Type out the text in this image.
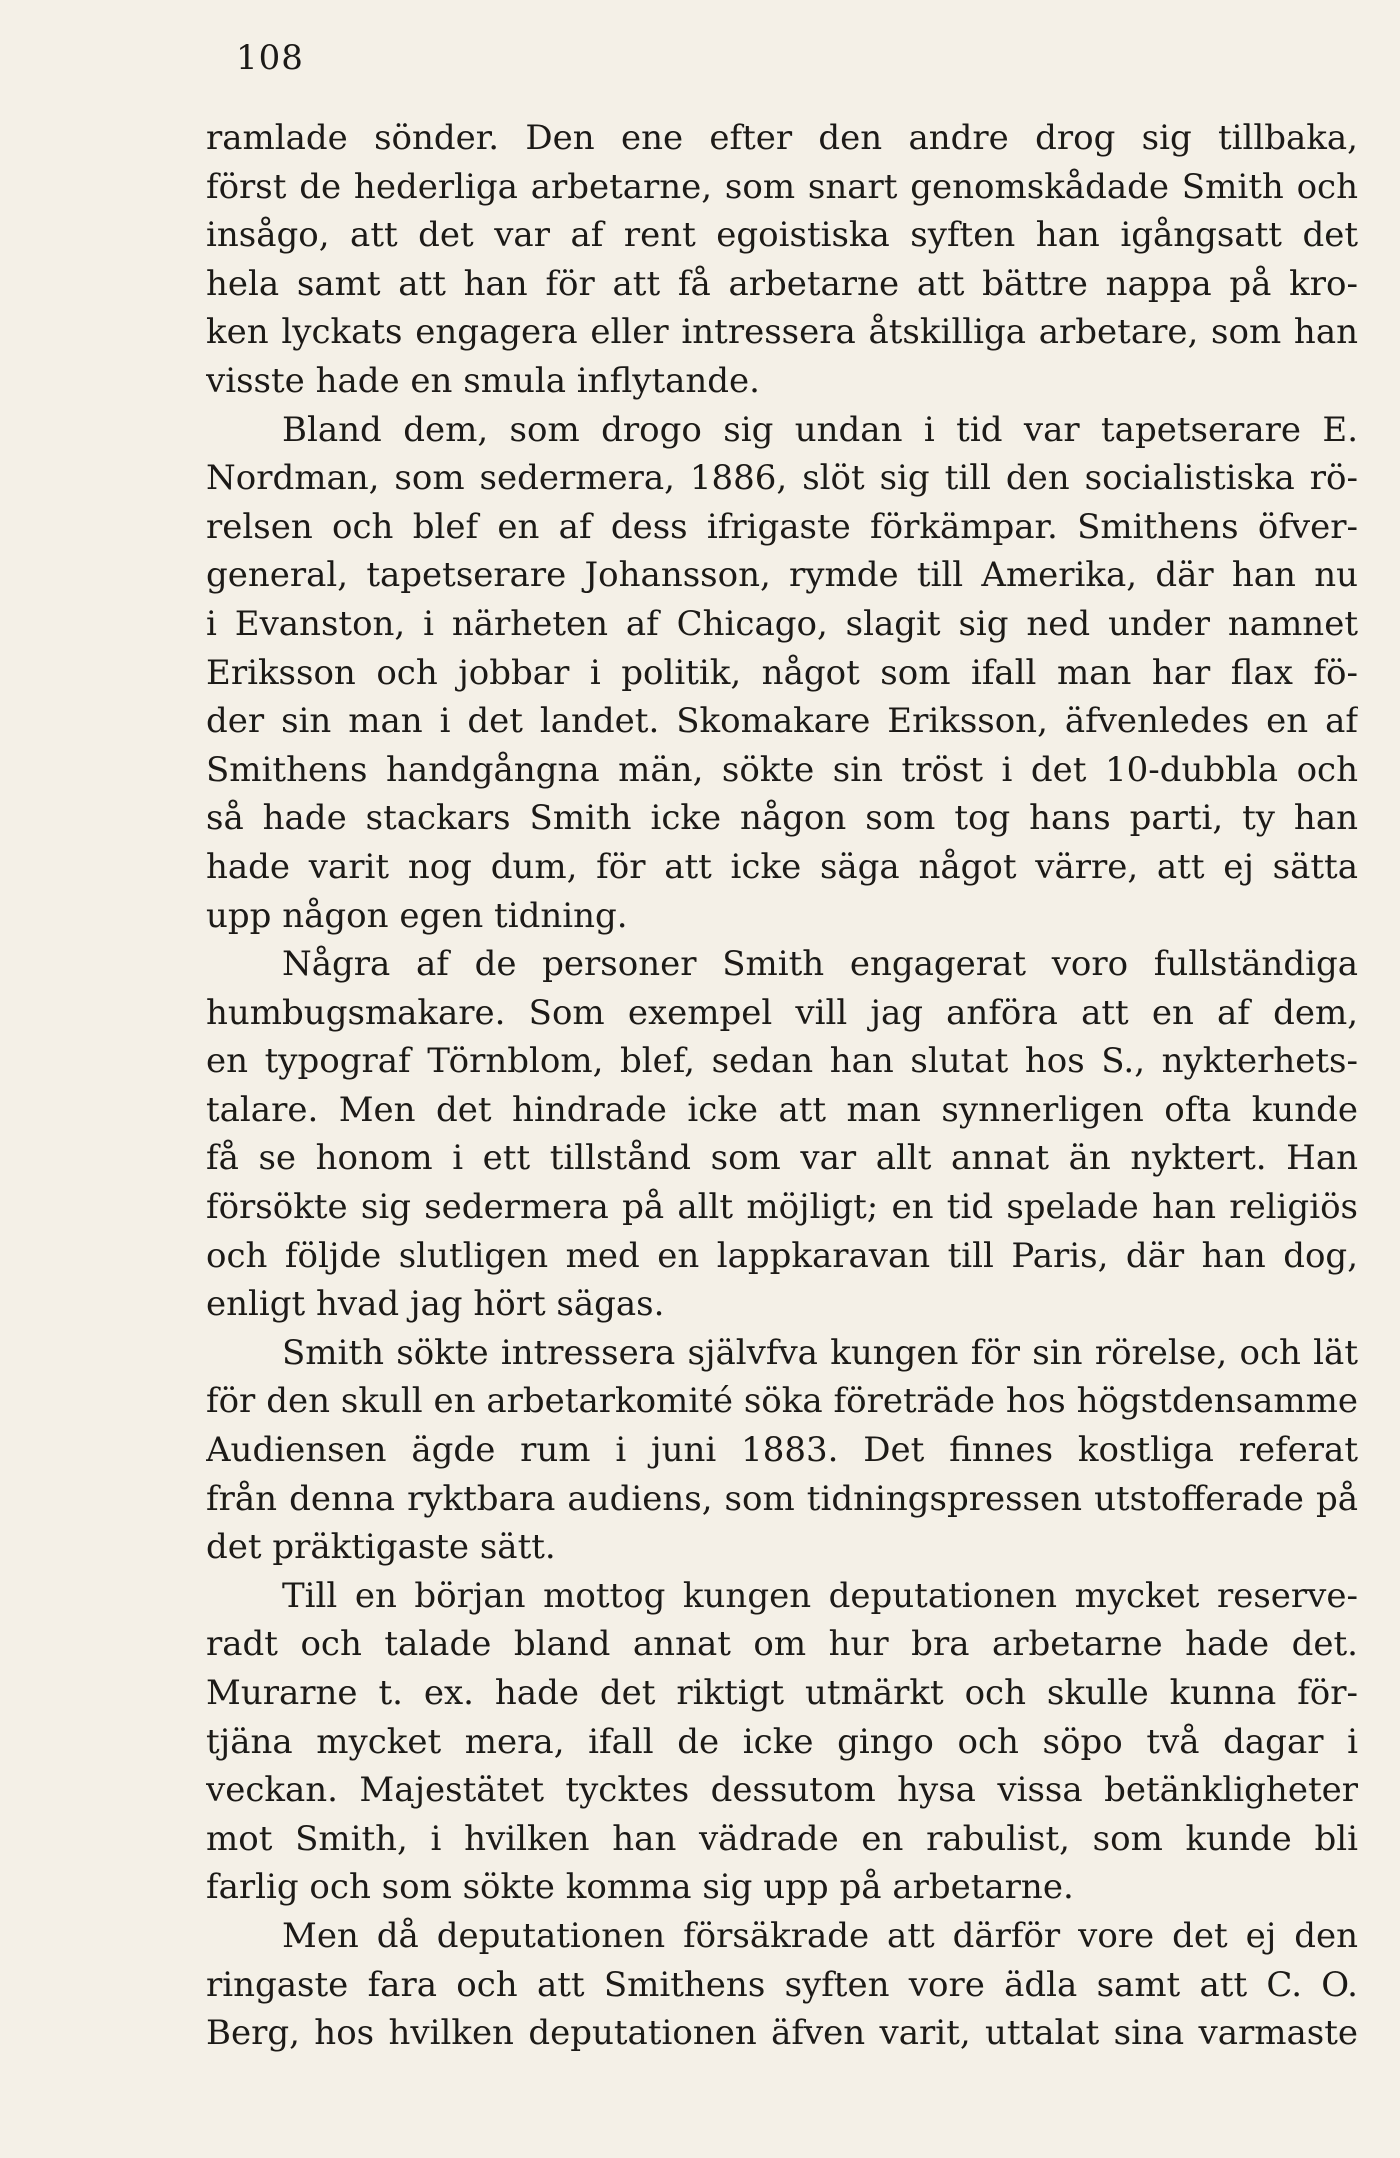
108
ramlade sönder. Den ene efter den andre drog sig tillbaka,
först de hederliga arbetarne, som snart genomskådade Smith och
insågo, att det var af rent egoistiska syften han igångsatt det
hela samt att han för att få arbetarne att bättre nappa på kro-
ken lyckats engagera eller intressera åtskilliga arbetare, som han
visste hade en smula inflytande.
Bland dem, som drogo sig undan i tid var tapetserare E.
Nordman, som sedermera, 1886, slöt sig till den socialistiska rö-
relsen och blef en af dess ifrigaste förkämpar. Smithens öfver-
general, tapetserare Johansson, rymde till Amerika, där han nu
i Evanston, i närheten af Chicago, slagit sig ned under namnet
Eriksson och jobbar i politik, något som ifall man har flax fö-
der sin man i det landet. Skomakare Eriksson, äfvenledes en af
Smithens handgångna män, sökte sin tröst i det 10-dubbla och
så hade stackars Smith icke någon som tog hans parti, ty han
hade varit nog dum, för att icke säga något värre, att ej sätta
upp någon egen tidning.
Några af de personer Smith engagerat voro fullständiga
humbugsmakare. Som exempel vill jag anföra att en af dem,
en typograf Törnblom, blef, sedan han slutat hos S., nykterhets-
talare. Men det hindrade icke att man synnerligen ofta kunde
få se honom i ett tillstånd som var allt annat än nyktert. Han
försökte sig sedermera på allt möjligt; en tid spelade han religiös
och följde slutligen med en lappkaravan till Paris, där han dog,
enligt hvad jag hört sägas.
Smith sökte intressera självfva kungen för sin rörelse, och lät
för den skull en arbetarkomité söka företräde hos högstdensamme
Audiensen ägde rum i juni 1883. Det finnes kostliga referat
från denna ryktbara audiens, som tidningspressen utstofferade på
det präktigaste sätt.
Till en början mottog kungen deputationen mycket reserve-
radt och talade bland annat om hur bra arbetarne hade det.
Murarne t. ex. hade det riktigt utmärkt och skulle kunna för-
tjäna mycket mera, ifall de icke gingo och söpo två dagar i
veckan. Majestätet tycktes dessutom hysa vissa betänkligheter
mot Smith, i hvilken han vädrade en rabulist, som kunde bli
farlig och som sökte komma sig upp på arbetarne.
Men då deputationen försäkrade att därför vore det ej den
ringaste fara och att Smithens syften vore ädla samt att C. O.
Berg, hos hvilken deputationen äfven varit, uttalat sina varmaste
